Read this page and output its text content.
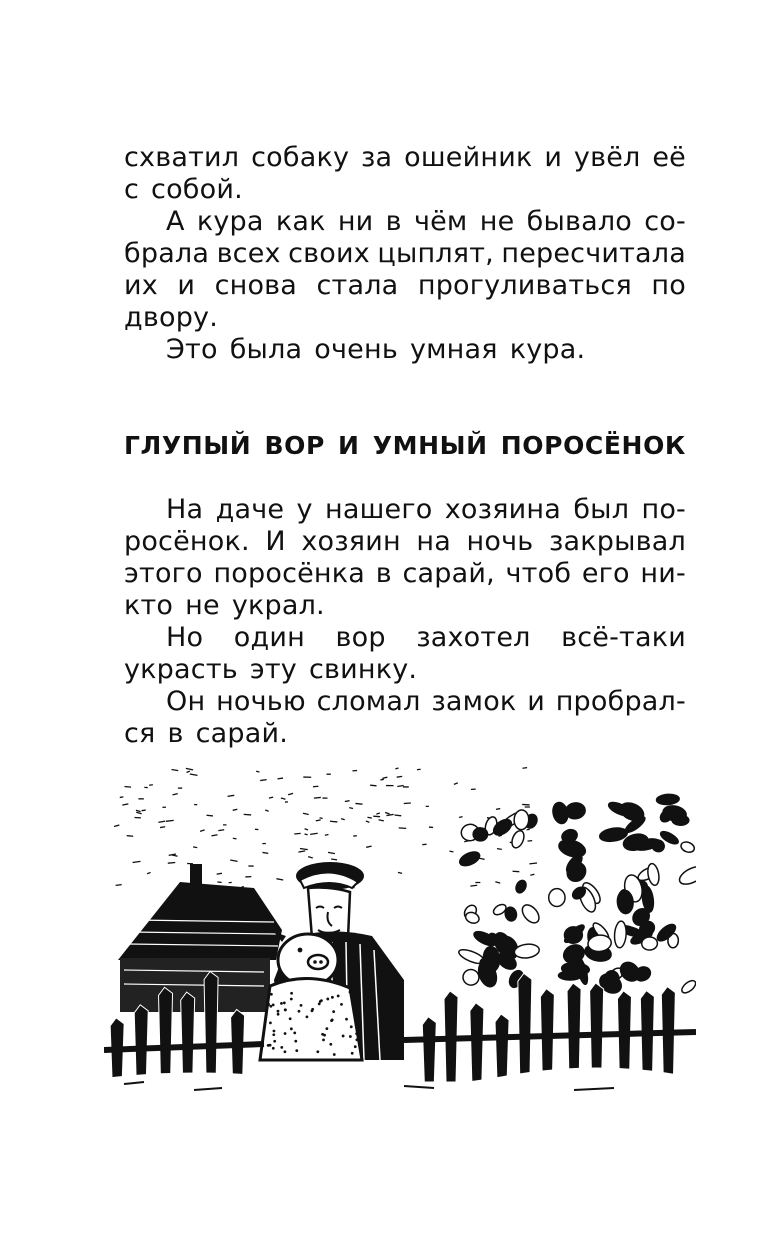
схватил собаку за ошейник и увёл её
с собой.
А кура как ни в чём не бывало со-
брала всех своих цыплят, пересчитала
их и снова стала прогуливаться по
двору.
Это была очень умная кура.
ГЛУПЫЙ ВОР И УМНЫЙ ПОРОСЁНОК
На даче у нашего хозяина был по-
росёнок. И хозяин на ночь закрывал
этого поросёнка в сарай, чтоб его ни-
кто не украл.
Но один вор захотел всё-таки
украсть эту свинку.
Он ночью сломал замок и пробрал-
ся в сарай.
